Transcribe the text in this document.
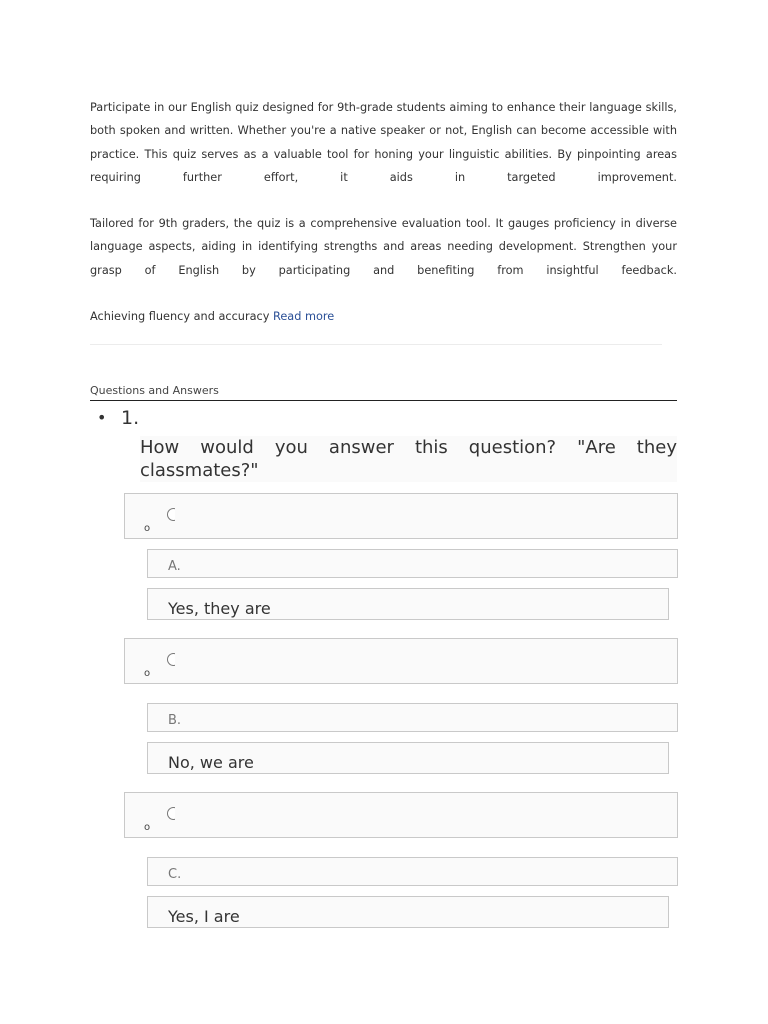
Participate in our English quiz designed for 9th-grade students aiming to enhance their language skills, both spoken and written. Whether you're a native speaker or not, English can become accessible with practice. This quiz serves as a valuable tool for honing your linguistic abilities. By pinpointing areas requiring further effort, it aids in targeted improvement.

Tailored for 9th graders, the quiz is a comprehensive evaluation tool. It gauges proficiency in diverse language aspects, aiding in identifying strengths and areas needing development. Strengthen your grasp of English by participating and benefiting from insightful feedback.

Achieving fluency and accuracy Read more
Questions and Answers
• 1.
How would you answer this question? "Are they classmates?"
o
A.
Yes, they are
o
B.
No, we are
o
C.
Yes, I are
